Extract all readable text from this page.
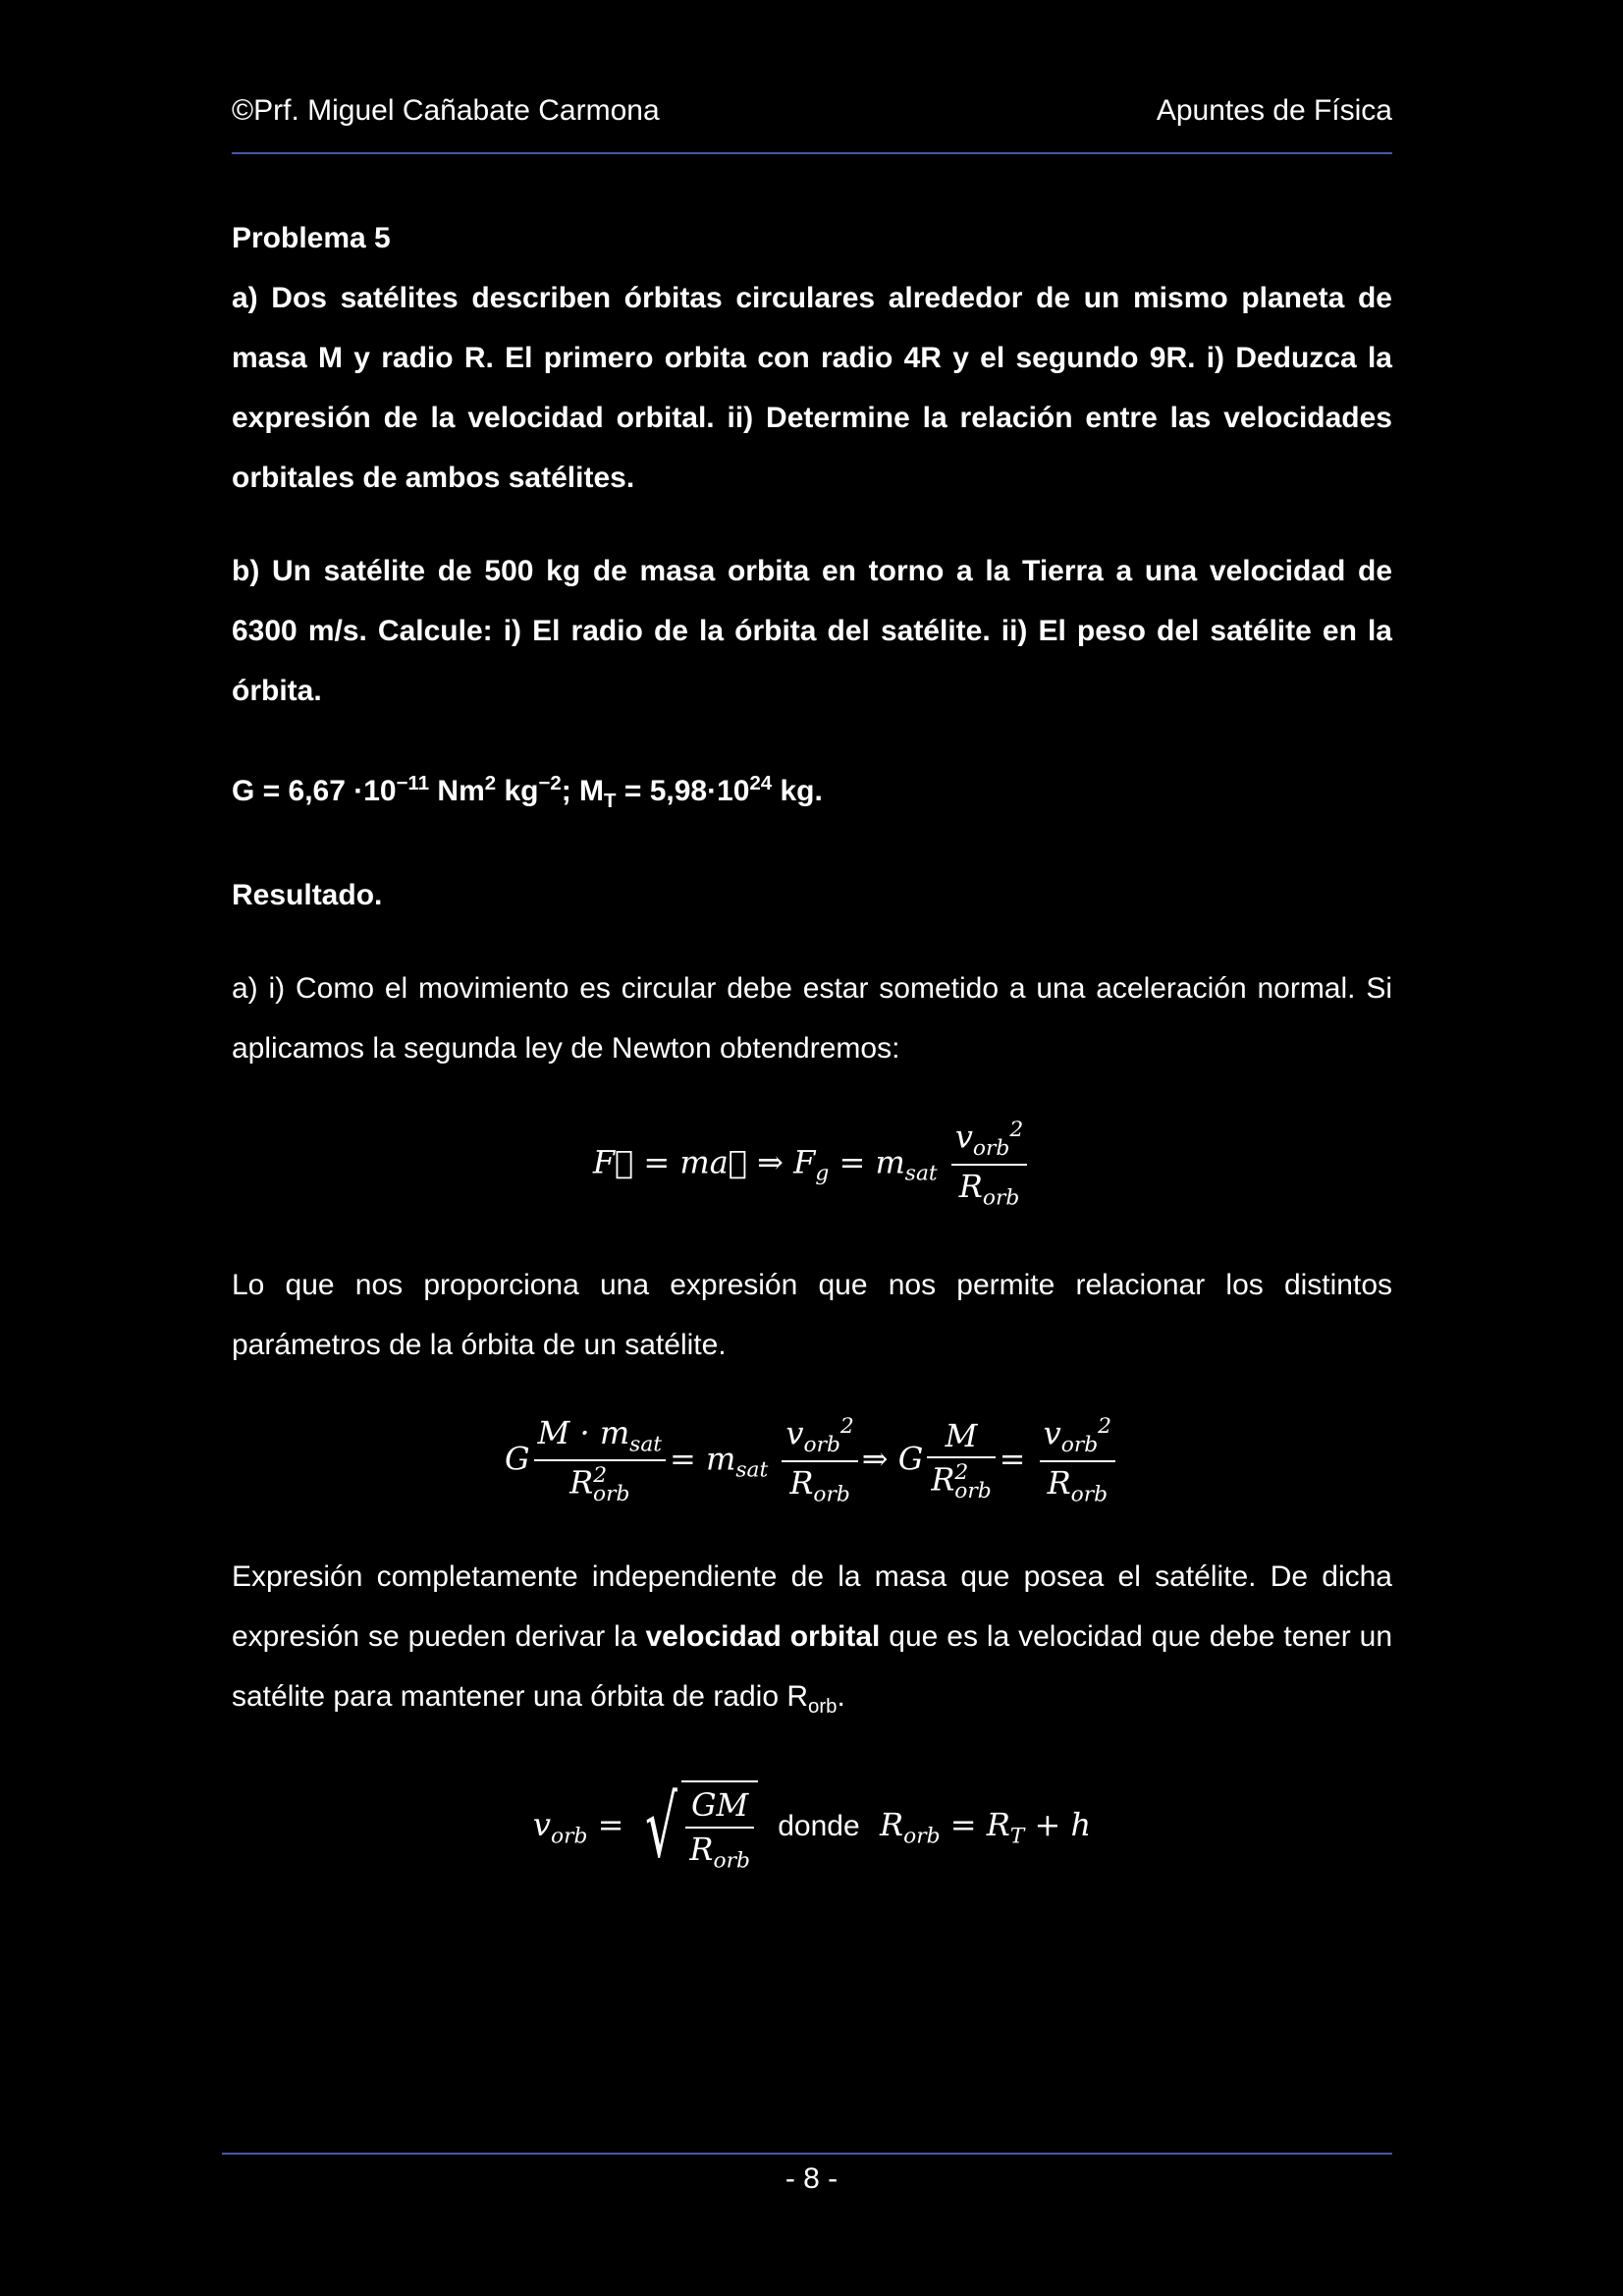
©Prf. Miguel Cañabate Carmona	Apuntes de Física

Problema 5

a) Dos satélites describen órbitas circulares alrededor de un mismo planeta de masa M y radio R. El primero orbita con radio 4R y el segundo 9R. i) Deduzca la expresión de la velocidad orbital. ii) Determine la relación entre las velocidades orbitales de ambos satélites.

b) Un satélite de 500 kg de masa orbita en torno a la Tierra a una velocidad de 6300 m/s. Calcule: i) El radio de la órbita del satélite. ii) El peso del satélite en la órbita.

$G = 6,67 \cdot 10^{-11}$ Nm$^2$ $kg^{-2}$; $M_T = 5,98\cdot 10^{24}$ kg.

Resultado.

a) i) Como el movimiento es circular debe estar sometido a una aceleración normal. Si aplicamos la segunda ley de Newton obtendremos:

F⃗ = ma⃗ ⇒ $F_g = m_{sat} \frac{v_{orb}^2}{R_{orb}}$

Lo que nos proporciona una expresión que nos permite relacionar los distintos parámetros de la órbita de un satélite.

G $\frac{M \cdot m_{sat}}{R^2_{orb}} = m_{sat} \frac{v_{orb}^2}{R_{orb}}$ ⇒ G $\frac{M}{R^2_{orb}} = \frac{v_{orb}^2}{R_{orb}}$

Expresión completamente independiente de la masa que posea el satélite. De dicha expresión se pueden derivar la velocidad orbital que es la velocidad que debe tener un satélite para mantener una órbita de radio $R_{orb}$.

$v_{orb}$ = √ $\frac{GM}{R_{orb}}$ donde  $R_{orb} = R_T + h$
- 8 -
